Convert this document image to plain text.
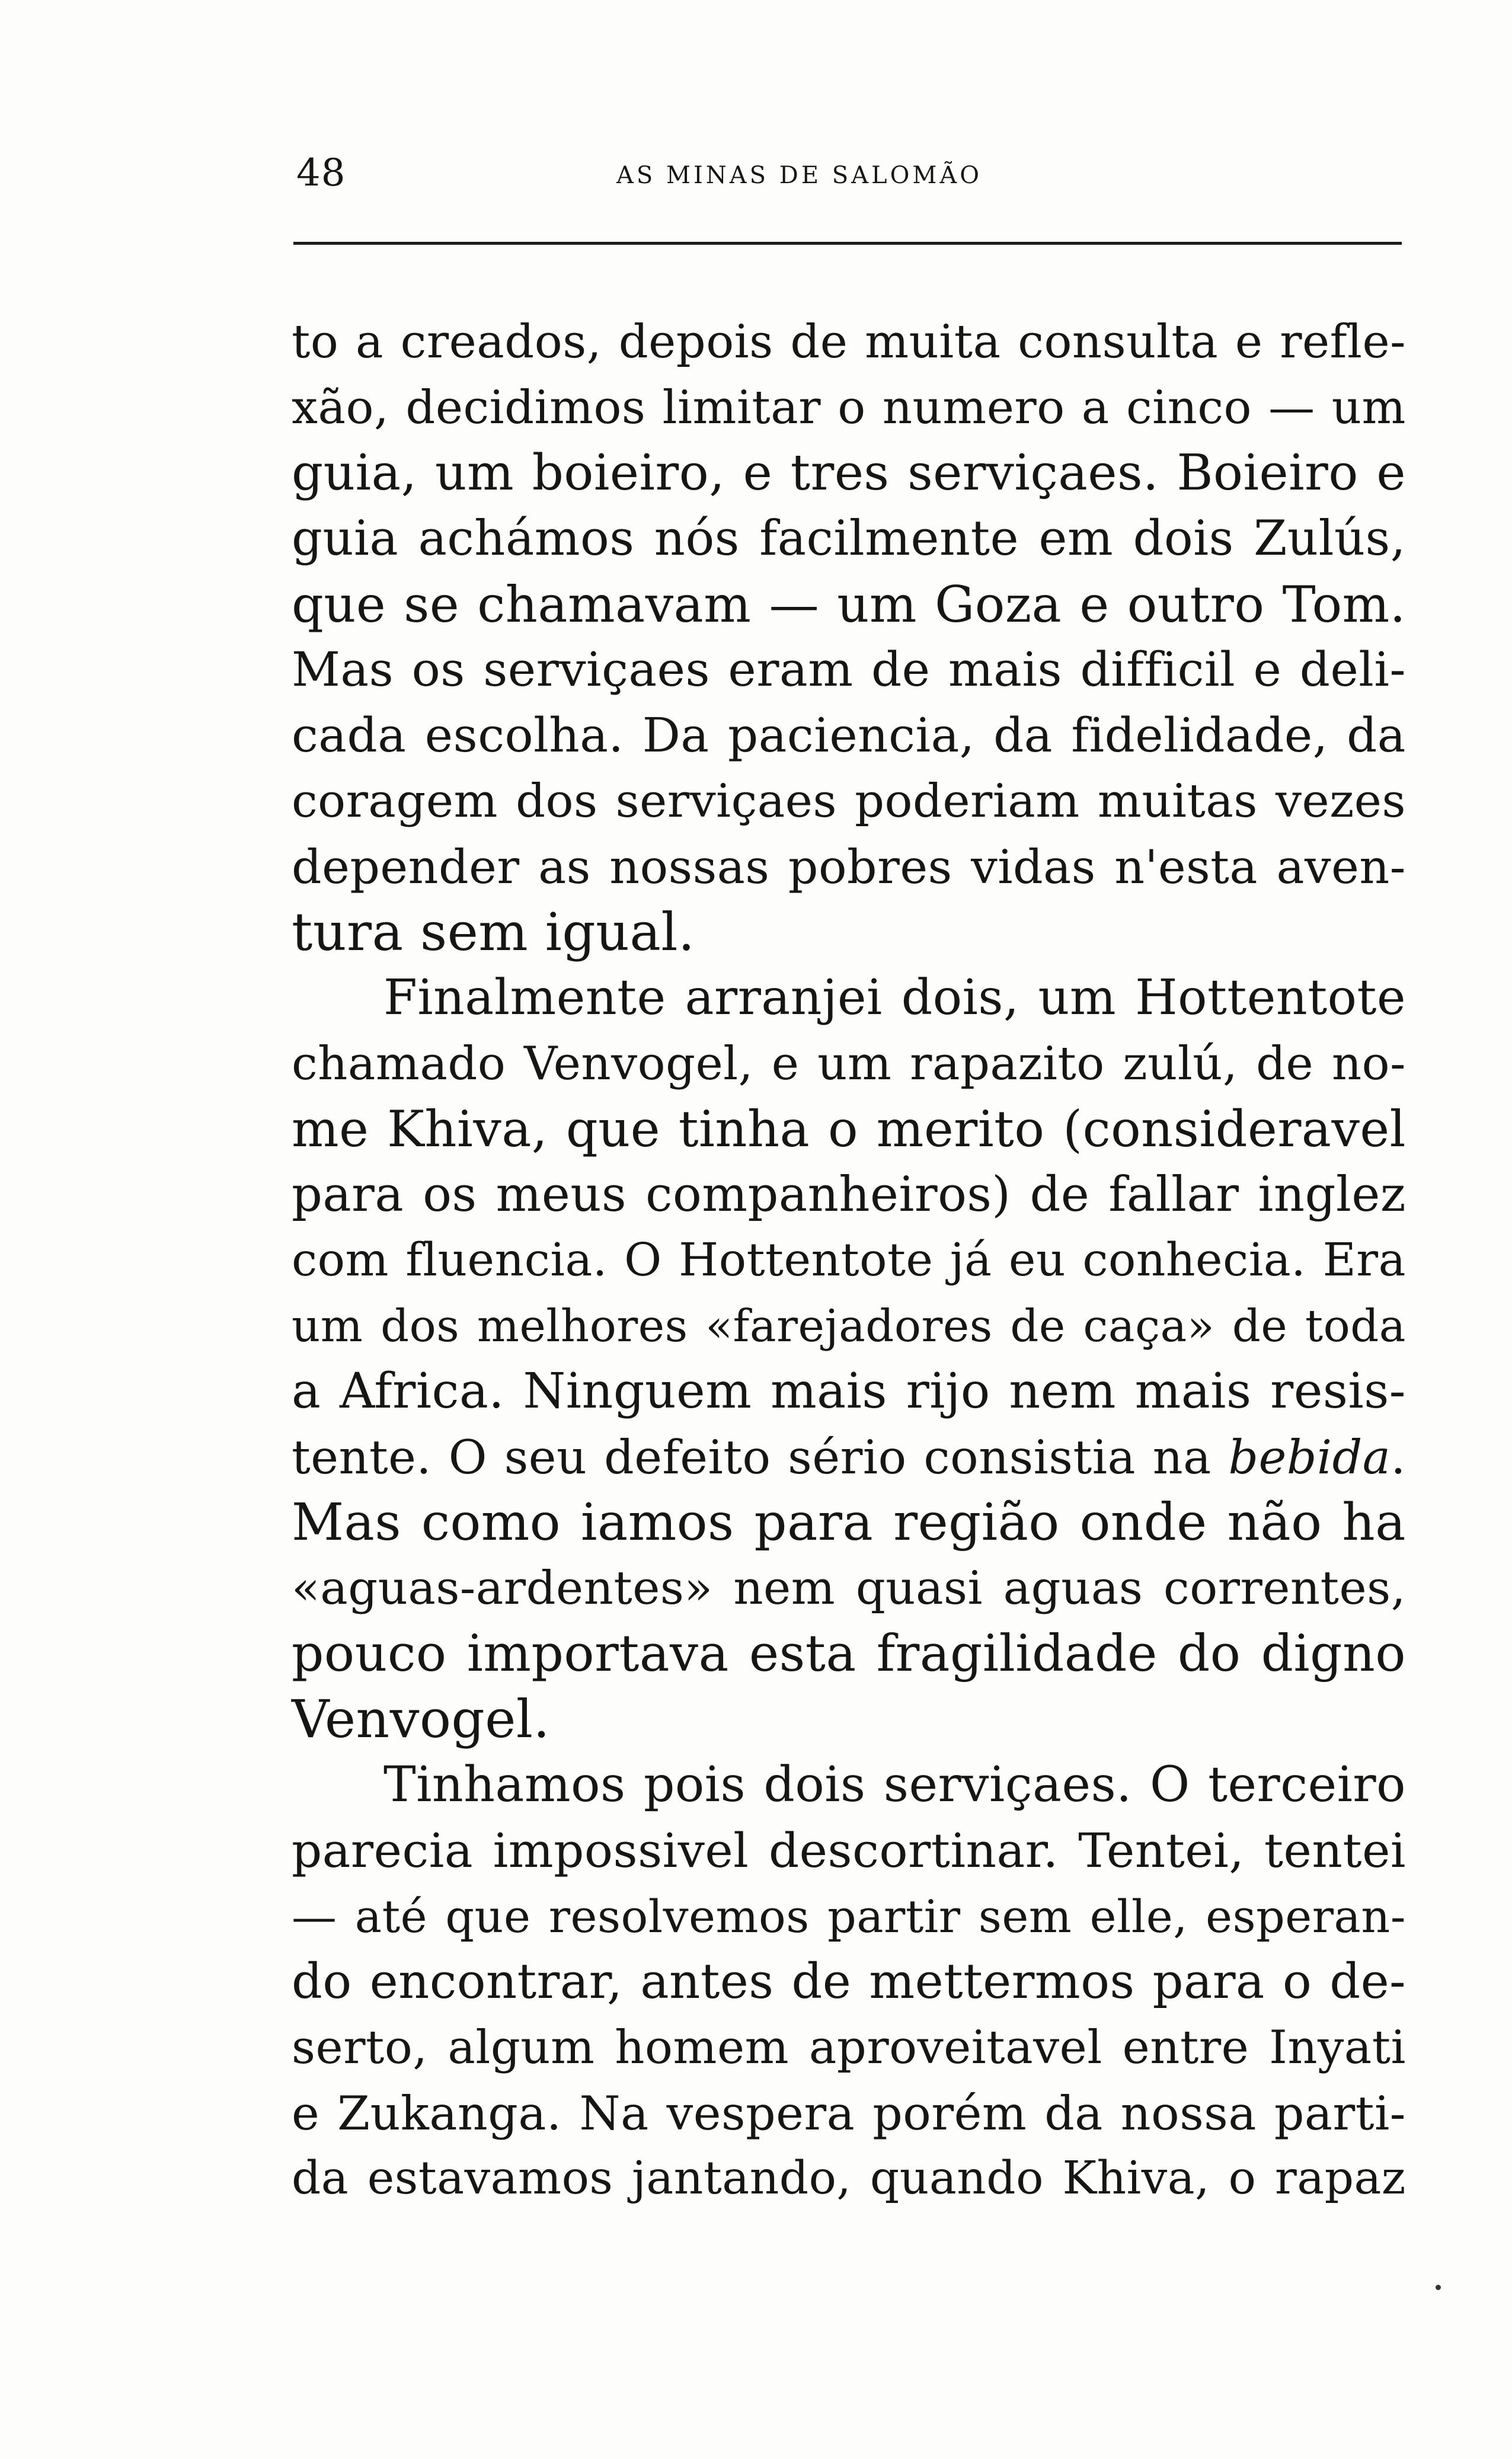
48	AS MINAS DE SALOMÃO
to a creados, depois de muita consulta e refle-
xão, decidimos limitar o numero a cinco — um
guia, um boieiro, e tres serviçaes. Boieiro e
guia achámos nós facilmente em dois Zulús,
que se chamavam — um Goza e outro Tom.
Mas os serviçaes eram de mais difficil e deli-
cada escolha. Da paciencia, da fidelidade, da
coragem dos serviçaes poderiam muitas vezes
depender as nossas pobres vidas n'esta aven-
tura sem igual.
Finalmente arranjei dois, um Hottentote
chamado Venvogel, e um rapazito zulú, de no-
me Khiva, que tinha o merito (consideravel
para os meus companheiros) de fallar inglez
com fluencia. O Hottentote já eu conhecia. Era
um dos melhores «farejadores de caça» de toda
a Africa. Ninguem mais rijo nem mais resis-
tente. O seu defeito sério consistia na bebida.
Mas como iamos para região onde não ha
«aguas-ardentes» nem quasi aguas correntes,
pouco importava esta fragilidade do digno
Venvogel.
Tinhamos pois dois serviçaes. O terceiro
parecia impossivel descortinar. Tentei, tentei
— até que resolvemos partir sem elle, esperan-
do encontrar, antes de mettermos para o de-
serto, algum homem aproveitavel entre Inyati
e Zukanga. Na vespera porém da nossa parti-
da estavamos jantando, quando Khiva, o rapaz
